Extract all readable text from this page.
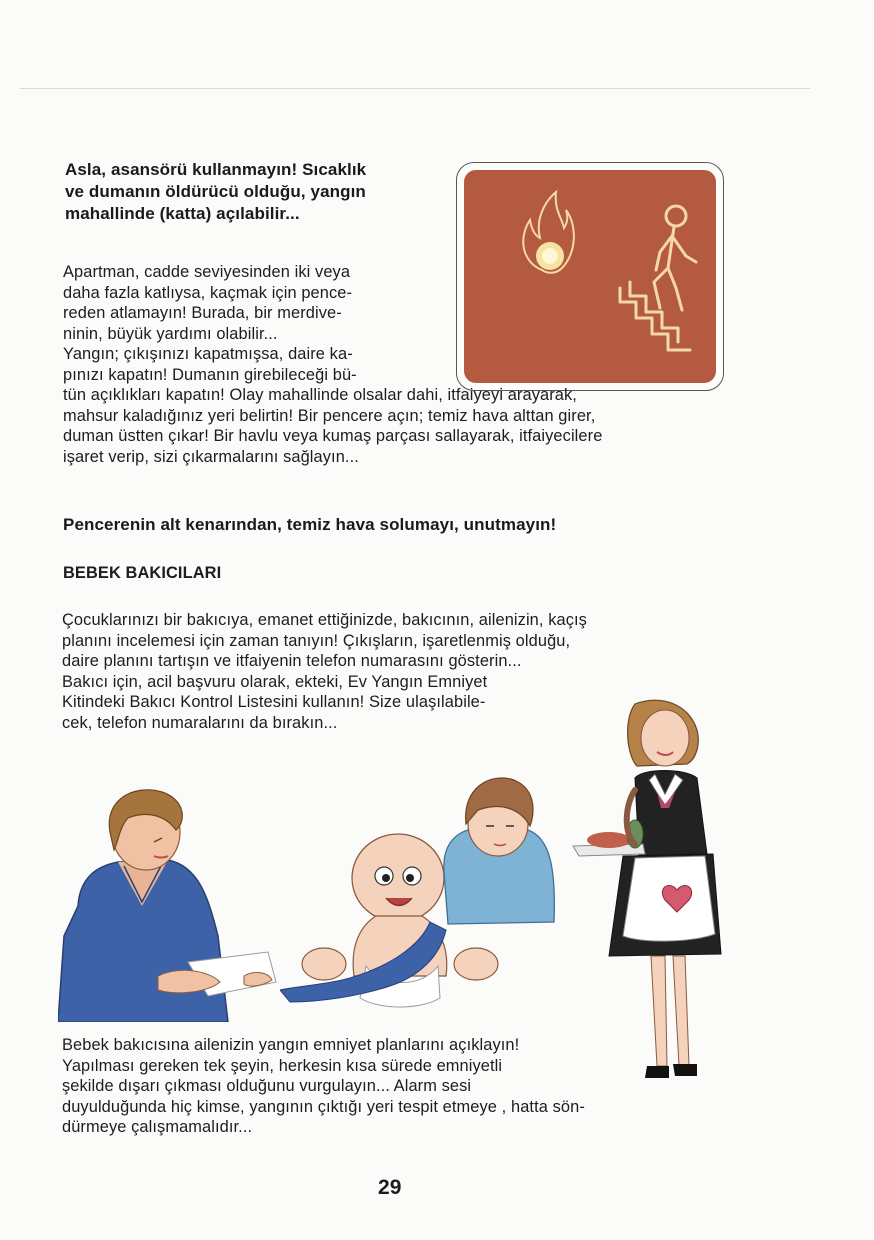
Asla, asansörü kullanmayın! Sıcaklık
ve dumanın öldürücü olduğu, yangın
mahallinde (katta) açılabilir...
Apartman, cadde seviyesinden iki veya
daha fazla katlıysa, kaçmak için pence-
reden atlamayın! Burada, bir merdive-
ninin, büyük yardımı olabilir...
Yangın; çıkışınızı kapatmışsa, daire ka-
pınızı kapatın! Dumanın girebileceği bü-
tün açıklıkları kapatın! Olay mahallinde olsalar dahi, itfaiyeyi arayarak,
mahsur kaladığınız yeri belirtin! Bir pencere açın; temiz hava alttan girer,
duman üstten çıkar! Bir havlu veya kumaş parçası sallayarak, itfaiyecilere
işaret verip, sizi çıkarmalarını sağlayın...
Pencerenin alt kenarından, temiz hava solumayı, unutmayın!
BEBEK BAKICILARI
Çocuklarınızı bir bakıcıya, emanet ettiğinizde, bakıcının, ailenizin, kaçış
planını incelemesi için zaman tanıyın! Çıkışların, işaretlenmiş olduğu,
daire planını tartışın ve itfaiyenin telefon numarasını gösterin...
Bakıcı için, acil başvuru olarak, ekteki, Ev Yangın Emniyet
Kitindeki Bakıcı Kontrol Listesini kullanın! Size ulaşılabile-
cek, telefon numaralarını da bırakın...
Bebek bakıcısına ailenizin yangın emniyet planlarını açıklayın!
Yapılması gereken tek şeyin, herkesin kısa sürede emniyetli
şekilde dışarı çıkması olduğunu vurgulayın... Alarm sesi
duyulduğunda hiç kimse, yangının çıktığı yeri tespit etmeye , hatta sön-
dürmeye çalışmamalıdır...
29
